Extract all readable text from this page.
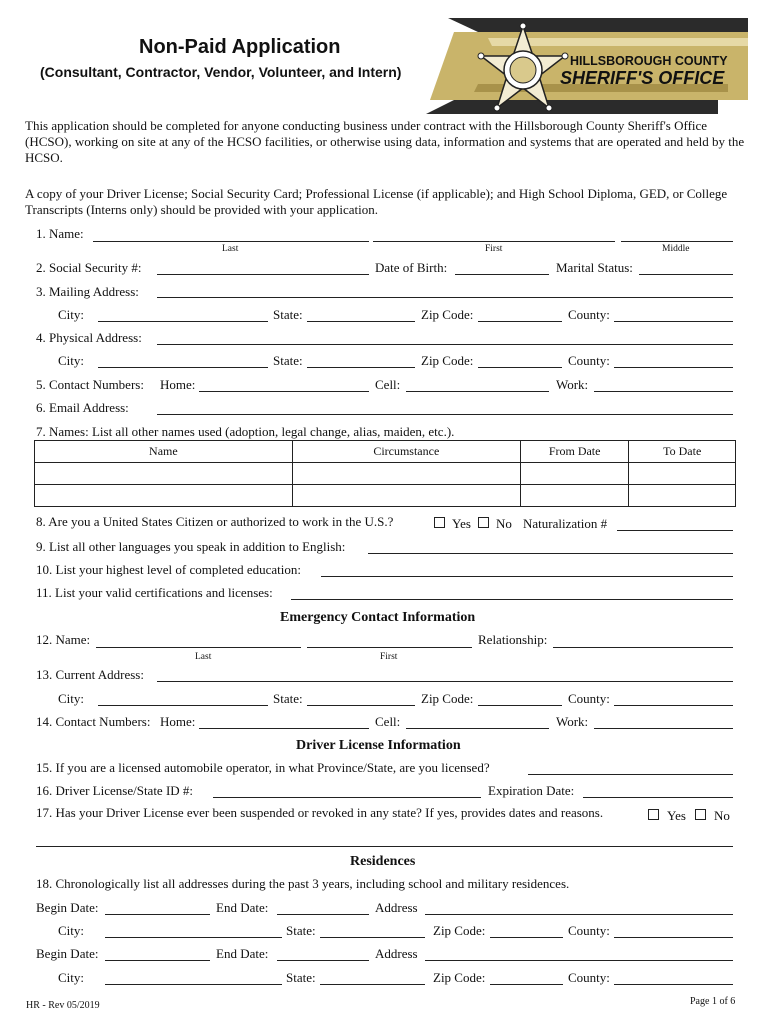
Non-Paid Application
(Consultant, Contractor, Vendor, Volunteer, and Intern)
HILLSBOROUGH COUNTY
SHERIFF'S OFFICE
This application should be completed for anyone conducting business under contract with the Hillsborough County Sheriff's Office (HCSO), working on site at any of the HCSO facilities, or otherwise using data, information and systems that are operated and held by the HCSO.
A copy of your Driver License; Social Security Card; Professional License (if applicable); and High School Diploma, GED, or College Transcripts (Interns only) should be provided with your application.
1. Name:
Last	First	Middle
2. Social Security #:	Date of Birth:	Marital Status:
3. Mailing Address:
City:	State:	Zip Code:	County:
4. Physical Address:
City:	State:	Zip Code:	County:
5. Contact Numbers: Home:	Cell:	Work:
6. Email Address:
7. Names: List all other names used (adoption, legal change, alias, maiden, etc.).
Name	Circumstance	From Date	To Date

8. Are you a United States Citizen or authorized to work in the U.S.?	Yes No Naturalization #
9. List all other languages you speak in addition to English:
10. List your highest level of completed education:
11. List your valid certifications and licenses:
Emergency Contact Information
12. Name:	Relationship:
Last	First
13. Current Address:
City:	State:	Zip Code:	County:
14. Contact Numbers: Home:	Cell:	Work:
Driver License Information
15. If you are a licensed automobile operator, in what Province/State, are you licensed?
16. Driver License/State ID #:	Expiration Date:
17. Has your Driver License ever been suspended or revoked in any state? If yes, provides dates and reasons.	Yes No
Residences
18. Chronologically list all addresses during the past 3 years, including school and military residences.
Begin Date:	End Date:	Address
City:	State:	Zip Code:	County:
Begin Date:	End Date:	Address
City:	State:	Zip Code:	County:
HR - Rev 05/2019	Page 1 of 6
